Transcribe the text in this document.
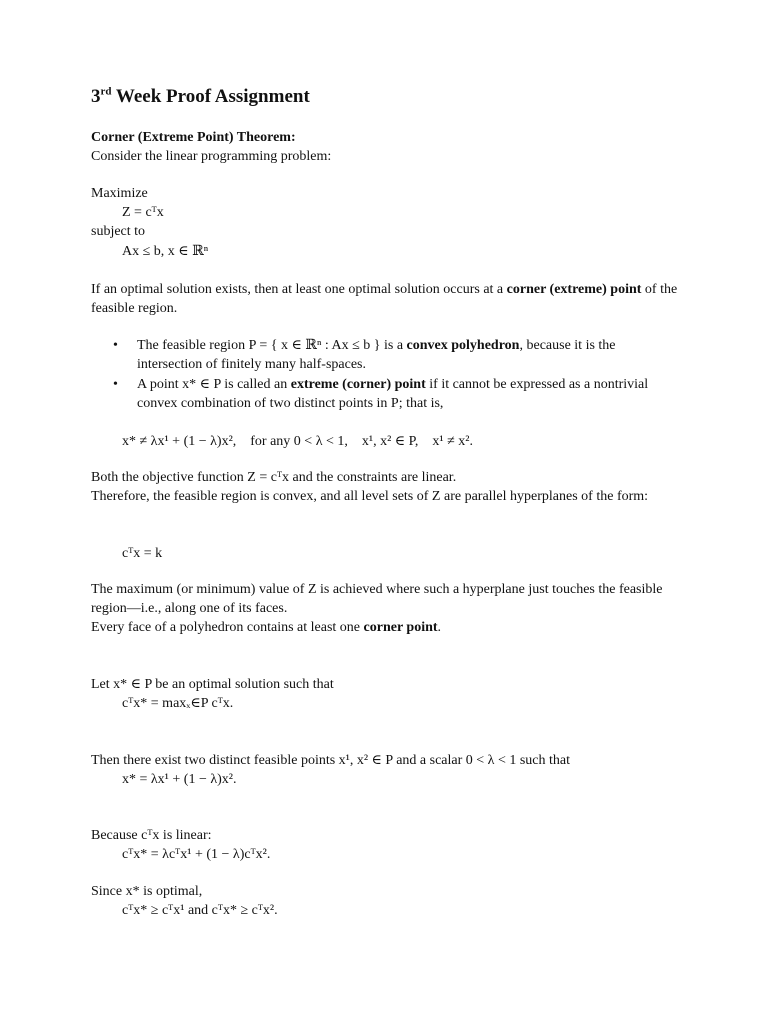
3rd Week Proof Assignment
Corner (Extreme Point) Theorem:
Consider the linear programming problem:
Maximize
Z = cᵀx
subject to
Ax ≤ b, x ∈ ℝⁿ
If an optimal solution exists, then at least one optimal solution occurs at a corner (extreme) point of the feasible region.
• The feasible region P = { x ∈ ℝⁿ : Ax ≤ b } is a convex polyhedron, because it is the intersection of finitely many half-spaces.
• A point x* ∈ P is called an extreme (corner) point if it cannot be expressed as a nontrivial convex combination of two distinct points in P; that is,
x* ≠ λx¹ + (1 − λ)x²,    for any 0 < λ < 1,    x¹, x² ∈ P,    x¹ ≠ x².
Both the objective function Z = cᵀx and the constraints are linear.
Therefore, the feasible region is convex, and all level sets of Z are parallel hyperplanes of the form:
cᵀx = k
The maximum (or minimum) value of Z is achieved where such a hyperplane just touches the feasible region—i.e., along one of its faces.
Every face of a polyhedron contains at least one corner point.
Let x* ∈ P be an optimal solution such that
cᵀx* = maxₓ∈P cᵀx.
Then there exist two distinct feasible points x¹, x² ∈ P and a scalar 0 < λ < 1 such that
x* = λx¹ + (1 − λ)x².
Because cᵀx is linear:
cᵀx* = λcᵀx¹ + (1 − λ)cᵀx².
Since x* is optimal,
cᵀx* ≥ cᵀx¹ and cᵀx* ≥ cᵀx².
